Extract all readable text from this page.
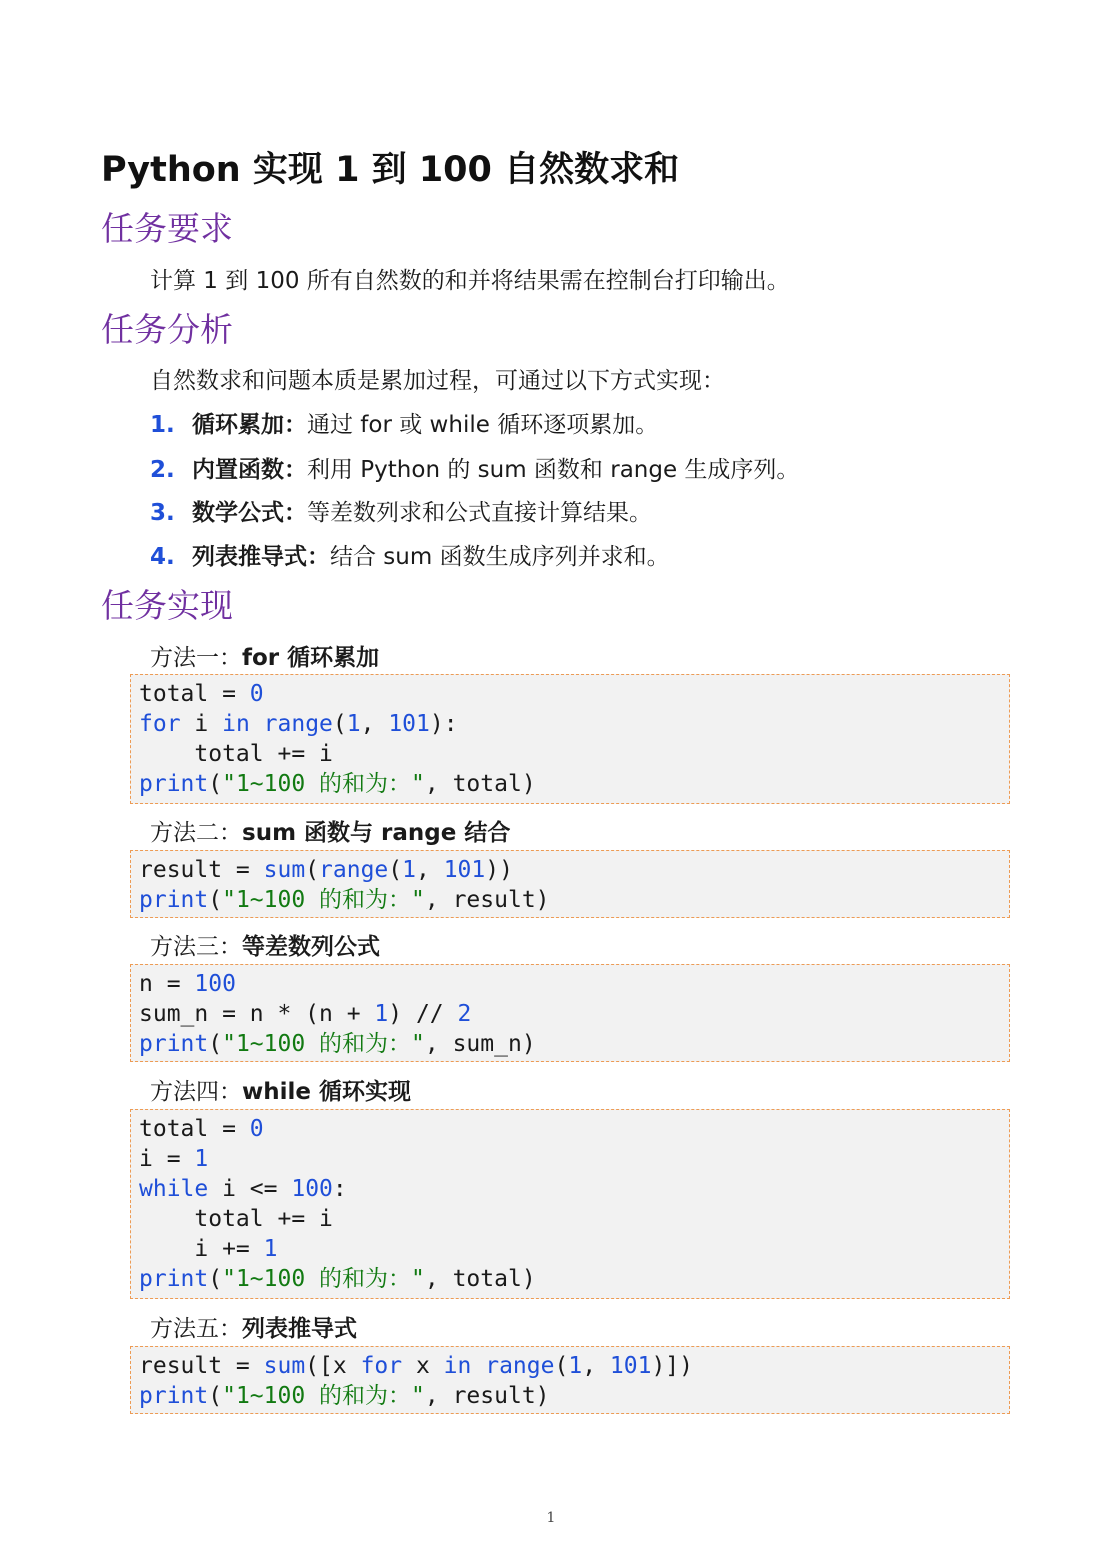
Python 实现 1 到 100 自然数求和
任务要求

计算 1 到 100 所有自然数的和并将结果需在控制台打印输出。

任务分析

自然数求和问题本质是累加过程，可通过以下方式实现：

1. 循环累加：通过 for 或 while 循环逐项累加。
2. 内置函数：利用 Python 的 sum 函数和 range 生成序列。
3. 数学公式：等差数列求和公式直接计算结果。
4. 列表推导式：结合 sum 函数生成序列并求和。
任务实现
方法一：for 循环累加
total = 0
for i in range(1, 101):
total += i
print("1~100 的和为：", total)
方法二：sum 函数与 range 结合
result = sum(range(1, 101))
print("1~100 的和为：", result)
方法三：等差数列公式
n = 100
sum_n = n * (n + 1) // 2
print("1~100 的和为：", sum_n)
方法四：while 循环实现
total = 0
i = 1
while i <= 100:
total += i
i += 1
print("1~100 的和为：", total)
方法五：列表推导式
result = sum([x for x in range(1, 101)])
print("1~100 的和为：", result)
1
